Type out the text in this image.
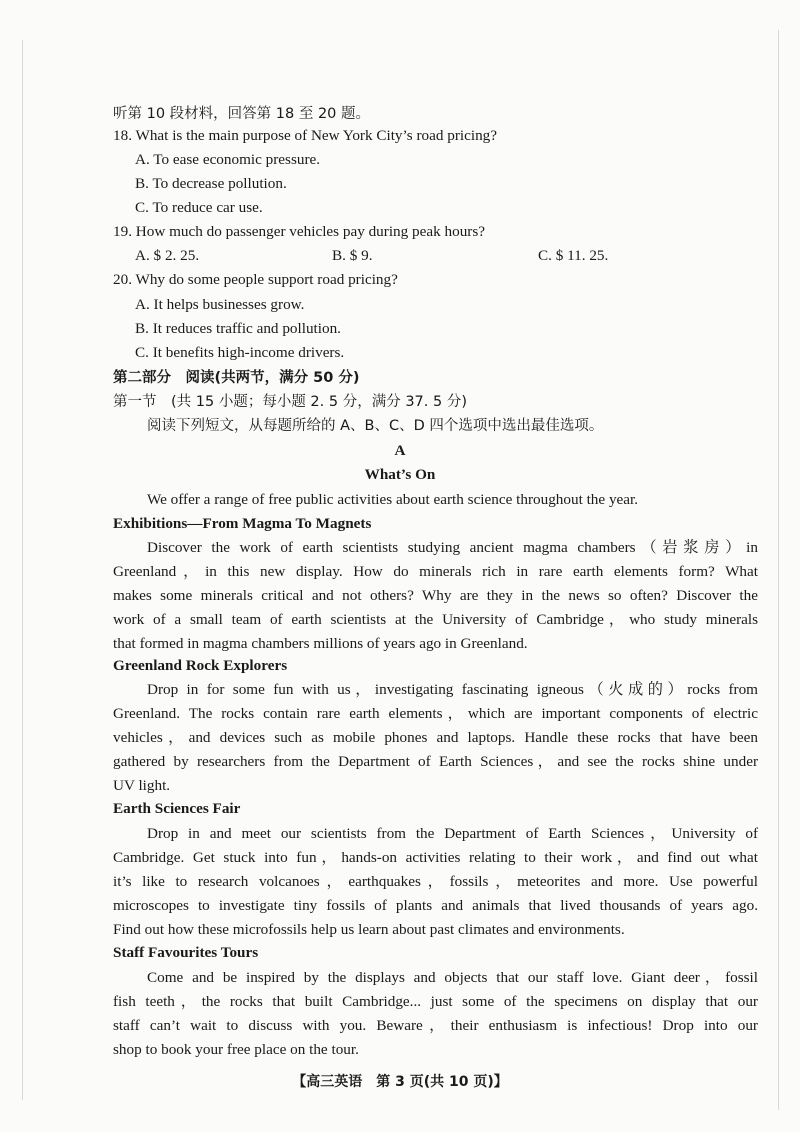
听第 10 段材料，回答第 18 至 20 题。
18. What is the main purpose of New York City’s road pricing?
A. To ease economic pressure.
B. To decrease pollution.
C. To reduce car use.
19. How much do passenger vehicles pay during peak hours?
A. $ 2. 25.	B. $ 9.	C. $ 11. 25.
20. Why do some people support road pricing?
A. It helps businesses grow.
B. It reduces traffic and pollution.
C. It benefits high-income drivers.
第二部分　阅读(共两节，满分 50 分)
第一节　(共 15 小题；每小题 2. 5 分，满分 37. 5 分)
阅读下列短文，从每题所给的 A、B、C、D 四个选项中选出最佳选项。
A
What’s On
We offer a range of free public activities about earth science throughout the year.
Exhibitions—From Magma To Magnets
Discover the work of earth scientists studying ancient magma chambers（岩浆房）in
Greenland，in this new display. How do minerals rich in rare earth elements form? What
makes some minerals critical and not others? Why are they in the news so often? Discover the
work of a small team of earth scientists at the University of Cambridge，who study minerals
that formed in magma chambers millions of years ago in Greenland.
Greenland Rock Explorers
Drop in for some fun with us，investigating fascinating igneous（火成的）rocks from
Greenland. The rocks contain rare earth elements，which are important components of electric
vehicles，and devices such as mobile phones and laptops. Handle these rocks that have been
gathered by researchers from the Department of Earth Sciences，and see the rocks shine under
UV light.
Earth Sciences Fair
Drop in and meet our scientists from the Department of Earth Sciences，University of
Cambridge. Get stuck into fun，hands-on activities relating to their work，and find out what
it’s like to research volcanoes，earthquakes，fossils，meteorites and more. Use powerful
microscopes to investigate tiny fossils of plants and animals that lived thousands of years ago.
Find out how these microfossils help us learn about past climates and environments.
Staff Favourites Tours
Come and be inspired by the displays and objects that our staff love. Giant deer，fossil
fish teeth，the rocks that built Cambridge... just some of the specimens on display that our
staff can’t wait to discuss with you. Beware，their enthusiasm is infectious! Drop into our
shop to book your free place on the tour.
【高三英语　第 3 页(共 10 页)】
